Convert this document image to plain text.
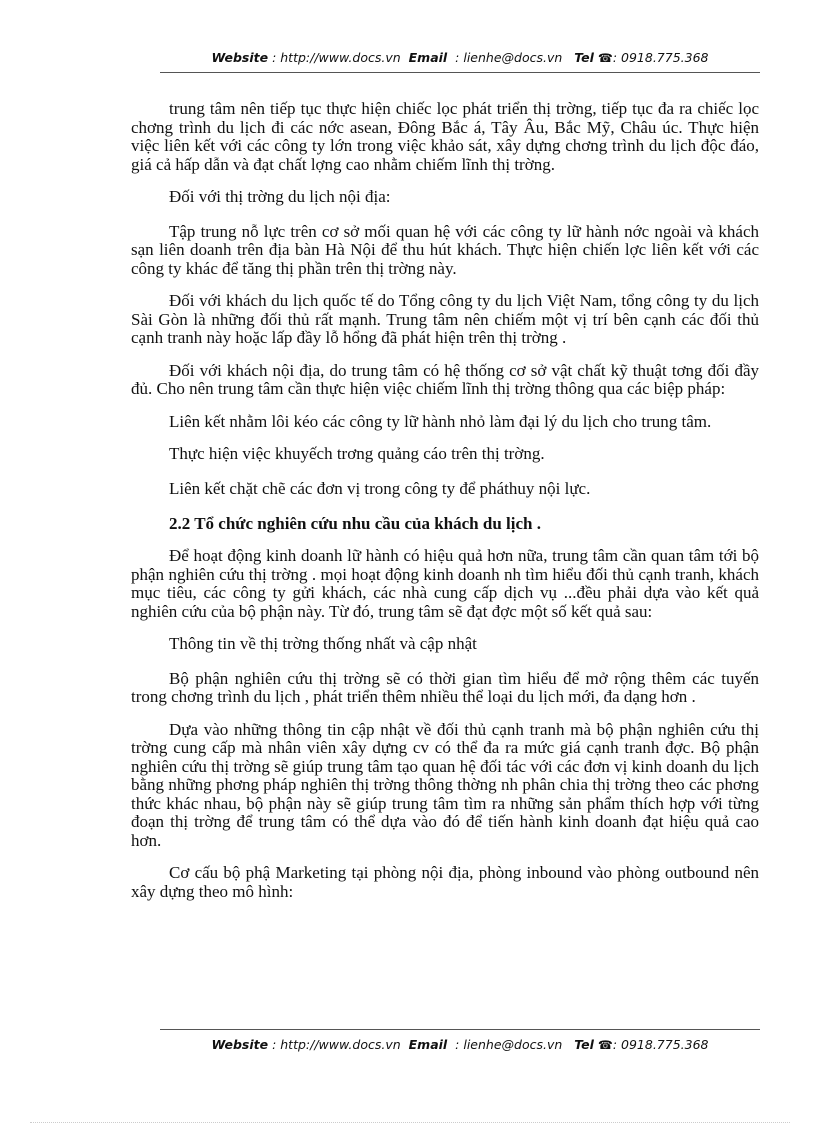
Website : http://www.docs.vn Email : lienhe@docs.vn Tel ☎: 0918.775.368

trung tâm nên tiếp tục thực hiện chiếc lọc phát triển thị trờng, tiếp tục đa ra chiếc lọc chơng trình du lịch đi các nớc asean, Đông Bắc á, Tây Âu, Bắc Mỹ, Châu úc. Thực hiện việc liên kết với các công ty lớn trong việc khảo sát, xây dựng chơng trình du lịch độc đáo, giá cả hấp dẫn và đạt chất lợng cao nhằm chiếm lĩnh thị trờng.

Đối với thị trờng du lịch nội địa:

Tập trung nỗ lực trên cơ sở mối quan hệ với các công ty lữ hành nớc ngoài và khách sạn liên doanh trên địa bàn Hà Nội để thu hút khách. Thực hiện chiến lợc liên kết với các công ty khác để tăng thị phần trên thị trờng này.

Đối với khách du lịch quốc tế do Tổng công ty du lịch Việt Nam, tổng công ty du lịch Sài Gòn là những đối thủ rất mạnh. Trung tâm nên chiếm một vị trí bên cạnh các đối thủ cạnh tranh này hoặc lấp đầy lỗ hổng đã phát hiện trên thị trờng .

Đối với khách nội địa, do trung tâm có hệ thống cơ sở vật chất kỹ thuật tơng đối đầy đủ. Cho nên trung tâm cần thực hiện việc chiếm lĩnh thị trờng thông qua các biệp pháp:

Liên kết nhằm lôi kéo các công ty lữ hành nhỏ làm đại lý du lịch cho trung tâm.

Thực hiện việc khuyếch trơng quảng cáo trên thị trờng.

Liên kết chặt chẽ các đơn vị trong công ty để pháthuy nội lực.

2.2 Tổ chức nghiên cứu nhu cầu của khách du lịch .

Để hoạt động kinh doanh lữ hành có hiệu quả hơn nữa, trung tâm cần quan tâm tới bộ phận nghiên cứu thị trờng . mọi hoạt động kinh doanh nh tìm hiểu đối thủ cạnh tranh, khách mục tiêu, các công ty gửi khách, các nhà cung cấp dịch vụ ...đều phải dựa vào kết quả nghiên cứu của bộ phận này. Từ đó, trung tâm sẽ đạt đợc một số kết quả sau:

Thông tin về thị trờng thống nhất và cập nhật

Bộ phận nghiên cứu thị trờng sẽ có thời gian tìm hiểu để mở rộng thêm các tuyến trong chơng trình du lịch , phát triển thêm nhiều thể loại du lịch mới, đa dạng hơn .

Dựa vào những thông tin cập nhật về đối thủ cạnh tranh mà bộ phận nghiên cứu thị trờng cung cấp mà nhân viên xây dựng cv có thể đa ra mức giá cạnh tranh đợc. Bộ phận nghiên cứu thị trờng sẽ giúp trung tâm tạo quan hệ đối tác với các đơn vị kinh doanh du lịch bằng những phơng pháp nghiên thị trờng thông thờng nh phân chia thị trờng theo các phơng thức khác nhau, bộ phận này sẽ giúp trung tâm tìm ra những sản phẩm thích hợp với từng đoạn thị trờng để trung tâm có thể dựa vào đó để tiến hành kinh doanh đạt hiệu quả cao hơn.

Cơ cấu bộ phậ Marketing tại phòng nội địa, phòng inbound vào phòng outbound nên xây dựng theo mô hình:

Website : http://www.docs.vn Email : lienhe@docs.vn Tel ☎: 0918.775.368
